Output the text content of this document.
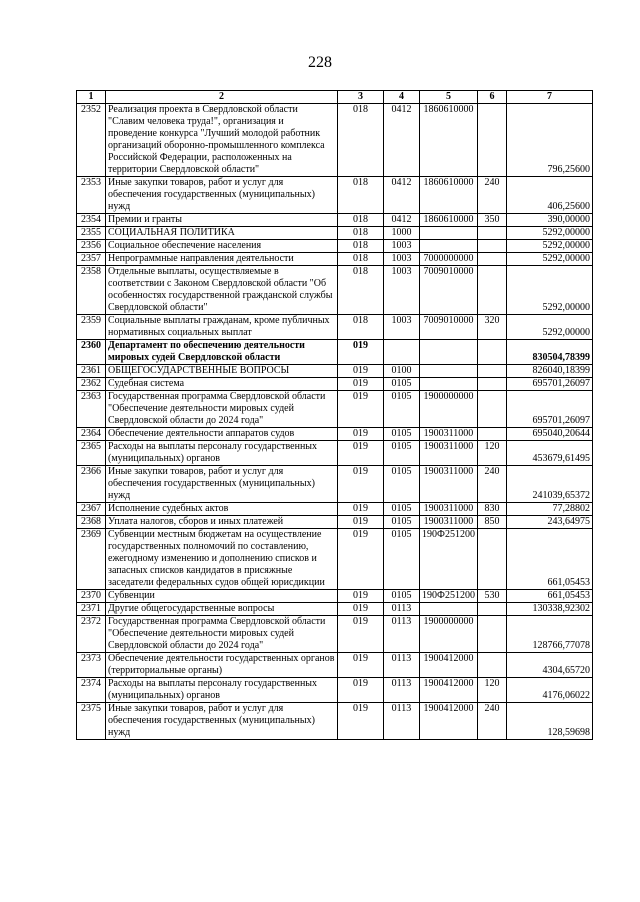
228
1	2	3	4	5	6	7
2352	Реализация проекта в Свердловской области "Славим человека труда!", организация и проведение конкурса "Лучший молодой работник организаций оборонно-промышленного комплекса Российской Федерации, расположенных на территории Свердловской области"	018	0412	1860610000		796,25600
2353	Иные закупки товаров, работ и услуг для обеспечения государственных (муниципальных) нужд	018	0412	1860610000	240	406,25600
2354	Премии и гранты	018	0412	1860610000	350	390,00000
2355	СОЦИАЛЬНАЯ ПОЛИТИКА	018	1000			5292,00000
2356	Социальное обеспечение населения	018	1003			5292,00000
2357	Непрограммные направления деятельности	018	1003	7000000000		5292,00000
2358	Отдельные выплаты, осуществляемые в соответствии с Законом Свердловской области "Об особенностях государственной гражданской службы Свердловской области"	018	1003	7009010000		5292,00000
2359	Социальные выплаты гражданам, кроме публичных нормативных социальных выплат	018	1003	7009010000	320	5292,00000
2360	Департамент по обеспечению деятельности мировых судей Свердловской области	019				830504,78399
2361	ОБЩЕГОСУДАРСТВЕННЫЕ ВОПРОСЫ	019	0100			826040,18399
2362	Судебная система	019	0105			695701,26097
2363	Государственная программа Свердловской области "Обеспечение деятельности мировых судей Свердловской области до 2024 года"	019	0105	1900000000		695701,26097
2364	Обеспечение деятельности аппаратов судов	019	0105	1900311000		695040,20644
2365	Расходы на выплаты персоналу государственных (муниципальных) органов	019	0105	1900311000	120	453679,61495
2366	Иные закупки товаров, работ и услуг для обеспечения государственных (муниципальных) нужд	019	0105	1900311000	240	241039,65372
2367	Исполнение судебных актов	019	0105	1900311000	830	77,28802
2368	Уплата налогов, сборов и иных платежей	019	0105	1900311000	850	243,64975
2369	Субвенции местным бюджетам на осуществление государственных полномочий по составлению, ежегодному изменению и дополнению списков и запасных списков кандидатов в присяжные заседатели федеральных судов общей юрисдикции	019	0105	190Ф251200		661,05453
2370	Субвенции	019	0105	190Ф251200	530	661,05453
2371	Другие общегосударственные вопросы	019	0113			130338,92302
2372	Государственная программа Свердловской области "Обеспечение деятельности мировых судей Свердловской области до 2024 года"	019	0113	1900000000		128766,77078
2373	Обеспечение деятельности государственных органов (территориальные органы)	019	0113	1900412000		4304,65720
2374	Расходы на выплаты персоналу государственных (муниципальных) органов	019	0113	1900412000	120	4176,06022
2375	Иные закупки товаров, работ и услуг для обеспечения государственных (муниципальных) нужд	019	0113	1900412000	240	128,59698
